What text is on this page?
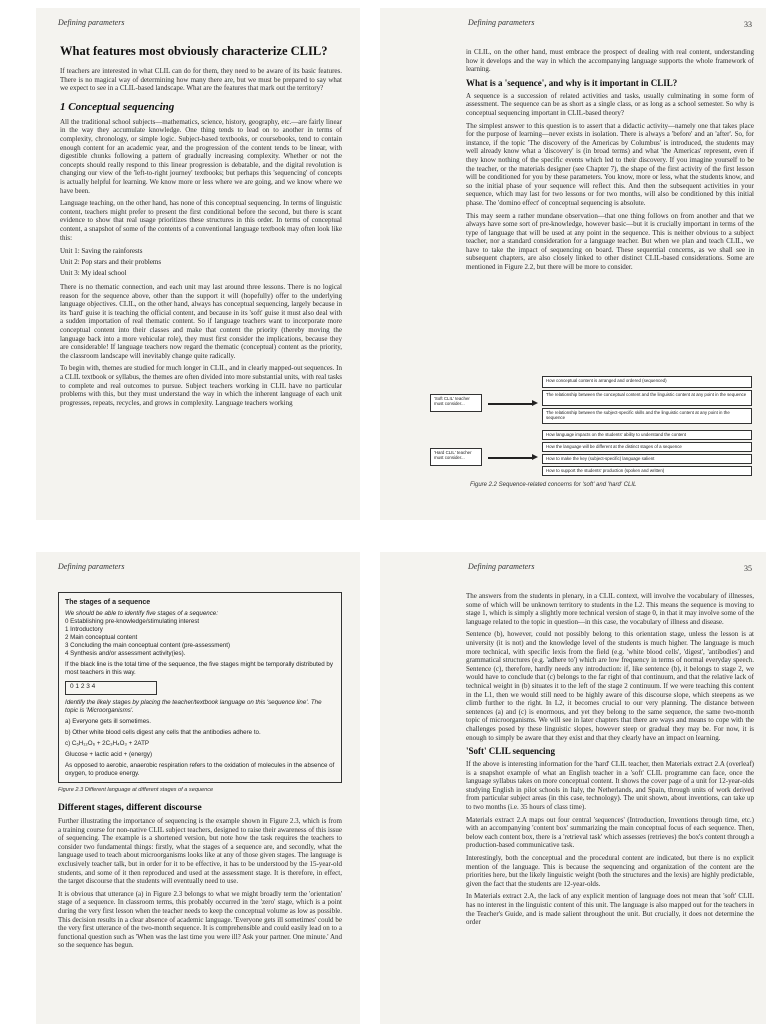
Defining parameters
What features most obviously characterize CLIL?

If teachers are interested in what CLIL can do for them, they need to be aware of its basic features. There is no magical way of determining how many there are, but we must be prepared to say what we expect to see in a CLIL-based landscape. What are the features that mark out the territory?

1 Conceptual sequencing

All the traditional school subjects—mathematics, science, history, geography, etc.—are fairly linear in the way they accumulate knowledge. One thing tends to lead on to another in terms of complexity, chronology, or simple logic. Subject-based textbooks, or coursebooks, tend to contain enough content for an academic year, and the progression of the content tends to be linear, with digestible chunks following a pattern of gradually increasing complexity. Whether or not the concepts should really respond to this linear progression is debatable, and the digital revolution is changing our view of the 'left-to-right journey' textbooks; but perhaps this 'sequencing' of concepts is actually helpful for learning. We know more or less where we are going, and we know where we have been.

Language teaching, on the other hand, has none of this conceptual sequencing. In terms of linguistic content, teachers might prefer to present the first conditional before the second, but there is scant evidence to show that real usage prioritizes these structures in this order. In terms of conceptual content, a snapshot of some of the contents of a conventional language textbook may often look like this:

Unit 1: Saving the rainforests
Unit 2: Pop stars and their problems
Unit 3: My ideal school

There is no thematic connection, and each unit may last around three lessons. There is no logical reason for the sequence above, other than the support it will (hopefully) offer to the underlying language objectives. CLIL, on the other hand, always has conceptual sequencing, largely because in its 'hard' guise it is teaching the official content, and because in its 'soft' guise it must also deal with a sudden importation of real thematic content. So if language teachers want to incorporate more conceptual content into their classes and make that content the priority (thereby moving the language back into a more vehicular role), they must first consider the implications, because they are considerable! If language teachers now regard the thematic (conceptual) content as the priority, the classroom landscape will inevitably change quite radically.

To begin with, themes are studied for much longer in CLIL, and in clearly mapped-out sequences. In a CLIL textbook or syllabus, the themes are often divided into more substantial units, with real tasks to complete and real outcomes to pursue. Subject teachers working in CLIL have no particular problems with this, but they must understand the way in which the inherent language of each unit progresses, repeats, recycles, and grows in complexity. Language teachers working

Defining parameters	33

in CLIL, on the other hand, must embrace the prospect of dealing with real content, understanding how it develops and the way in which the accompanying language supports the whole framework of learning.

What is a 'sequence', and why is it important in CLIL?

A sequence is a succession of related activities and tasks, usually culminating in some form of assessment. The sequence can be as short as a single class, or as long as a school semester. So why is conceptual sequencing important in CLIL-based theory?

The simplest answer to this question is to assert that a didactic activity—namely one that takes place for the purpose of learning—never exists in isolation. There is always a 'before' and an 'after'. So, for instance, if the topic 'The discovery of the Americas by Columbus' is introduced, the students may well already know what a 'discovery' is (in broad terms) and what 'the Americas' represent, even if they know nothing of the specific events which led to their discovery. If you imagine yourself to be the teacher, or the materials designer (see Chapter 7), the shape of the first activity of the first lesson will be conditioned for you by these parameters. You know, more or less, what the students know, and so the initial phase of your sequence will reflect this. And then the subsequent activities in your sequence, which may last for two lessons or for two months, will also be conditioned by this initial phase. The 'domino effect' of conceptual sequencing is absolute.

This may seem a rather mundane observation—that one thing follows on from another and that we always have some sort of pre-knowledge, however basic—but it is crucially important in terms of the type of language that will be used at any point in the sequence. This is neither obvious to a subject teacher, nor a standard consideration for a language teacher. But when we plan and teach CLIL, we have to take the impact of sequencing on board. These sequential concerns, as we shall see in subsequent chapters, are also closely linked to other distinct CLIL-based considerations. Some are mentioned in Figure 2.2, but there will be more to consider.

'Soft CLIL' teacher must consider...
How conceptual content is arranged and ordered (sequenced)
The relationship between the conceptual content and the linguistic content at any point in the sequence
The relationship between the subject-specific skills and the linguistic content at any point in the sequence
'Hard CLIL' teacher must consider...
How language impacts on the students' ability to understand the content
How the language will be different at the distinct stages of a sequence
How to make the key (subject-specific) language salient
How to support the students' production (spoken and written)
Figure 2.2 Sequence-related concerns for 'soft' and 'hard' CLIL
Defining parameters
The stages of a sequence

We should be able to identify five stages of a sequence:

0 Establishing pre-knowledge/stimulating interest

1 Introductory

2 Main conceptual content

3 Concluding the main conceptual content (pre-assessment)

4 Synthesis and/or assessment activity(ies).

If the black line is the total time of the sequence, the five stages might be temporally distributed by most teachers in this way.

0 1 2 3 4

Identify the likely stages by placing the teacher/textbook language on this 'sequence line'. The topic is 'Microorganisms'.

a) Everyone gets ill sometimes.

b) Other white blood cells digest any cells that the antibodies adhere to.

c) C₆H₁₂O₆ + 2C₃H₄O₃ + 2ATP

Glucose + lactic acid + (energy)

As opposed to aerobic, anaerobic respiration refers to the oxidation of molecules in the absence of oxygen, to produce energy.

Figure 2.3 Different language at different stages of a sequence
Different stages, different discourse

Further illustrating the importance of sequencing is the example shown in Figure 2.3, which is from a training course for non-native CLIL subject teachers, designed to raise their awareness of this issue of sequencing. The example is a shortened version, but note how the task requires the teachers to consider two fundamental things: firstly, what the stages of a sequence are, and secondly, what the language used to teach about microorganisms looks like at any of those given stages. The language is exclusively teacher talk, but in order for it to be effective, it has to be understood by the 15-year-old students, and some of it then reproduced and used at the assessment stage. It is therefore, in effect, the target discourse that the students will eventually need to use.

It is obvious that utterance (a) in Figure 2.3 belongs to what we might broadly term the 'orientation' stage of a sequence. In classroom terms, this probably occurred in the 'zero' stage, which is a point during the very first lesson when the teacher needs to keep the conceptual volume as low as possible. This decision results in a clear absence of academic language. 'Everyone gets ill sometimes' could be the very first utterance of the two-month sequence. It is comprehensible and could easily lead on to a functional question such as 'When was the last time you were ill? Ask your partner. One minute.' And so the sequence has begun.

Defining parameters	35

The answers from the students in plenary, in a CLIL context, will involve the vocabulary of illnesses, some of which will be unknown territory to students in the L2. This means the sequence is moving to stage 1, which is simply a slightly more technical version of stage 0, in that it may involve some of the language related to the topic in question—in this case, the vocabulary of illness and disease.

Sentence (b), however, could not possibly belong to this orientation stage, unless the lesson is at university (it is not) and the knowledge level of the students is much higher. The language is much more technical, with specific lexis from the field (e.g. 'white blood cells', 'digest', 'antibodies') and grammatical structures (e.g. 'adhere to') which are low frequency in terms of normal everyday speech. Sentence (c), therefore, hardly needs any introduction: if, like sentence (b), it belongs to stage 2, we would have to conclude that (c) belongs to the far right of that continuum, and that the relative lack of technical weight in (b) situates it to the left of the stage 2 continuum. If we were teaching this content in the L1, then we would still need to be highly aware of this discourse slope, which steepens as we climb further to the right. In L2, it becomes crucial to our very planning. The distance between sentences (a) and (c) is enormous, and yet they belong to the same sequence, the same two-month topic of microorganisms. We will see in later chapters that there are ways and means to cope with the challenges posed by these linguistic slopes, however steep or gradual they may be. For now, it is enough to simply be aware that they exist and that they clearly have an impact on learning.

'Soft' CLIL sequencing

If the above is interesting information for the 'hard' CLIL teacher, then Materials extract 2.A (overleaf) is a snapshot example of what an English teacher in a 'soft' CLIL programme can face, once the language syllabus takes on more conceptual content. It shows the cover page of a unit for 12-year-olds studying English in pilot schools in Italy, the Netherlands, and Spain, through units of work derived from particular subject areas (in this case, technology). The unit shown, about inventions, can take up to two months (i.e. 35 hours of class time).

Materials extract 2.A maps out four central 'sequences' (Introduction, Inventions through time, etc.) with an accompanying 'content box' summarizing the main conceptual focus of each sequence. Then, below each content box, there is a 'retrieval task' which assesses (retrieves) the box's content through a production-based communicative task.

Interestingly, both the conceptual and the procedural content are indicated, but there is no explicit mention of the language. This is because the sequencing and organization of the content are the priorities here, but the likely linguistic weight (both the structures and the lexis) are highly predictable, given the fact that the students are 12-year-olds.

In Materials extract 2.A, the lack of any explicit mention of language does not mean that 'soft' CLIL has no interest in the linguistic content of this unit. The language is also mapped out for the teachers in the Teacher's Guide, and is made salient throughout the unit. But crucially, it does not determine the order
